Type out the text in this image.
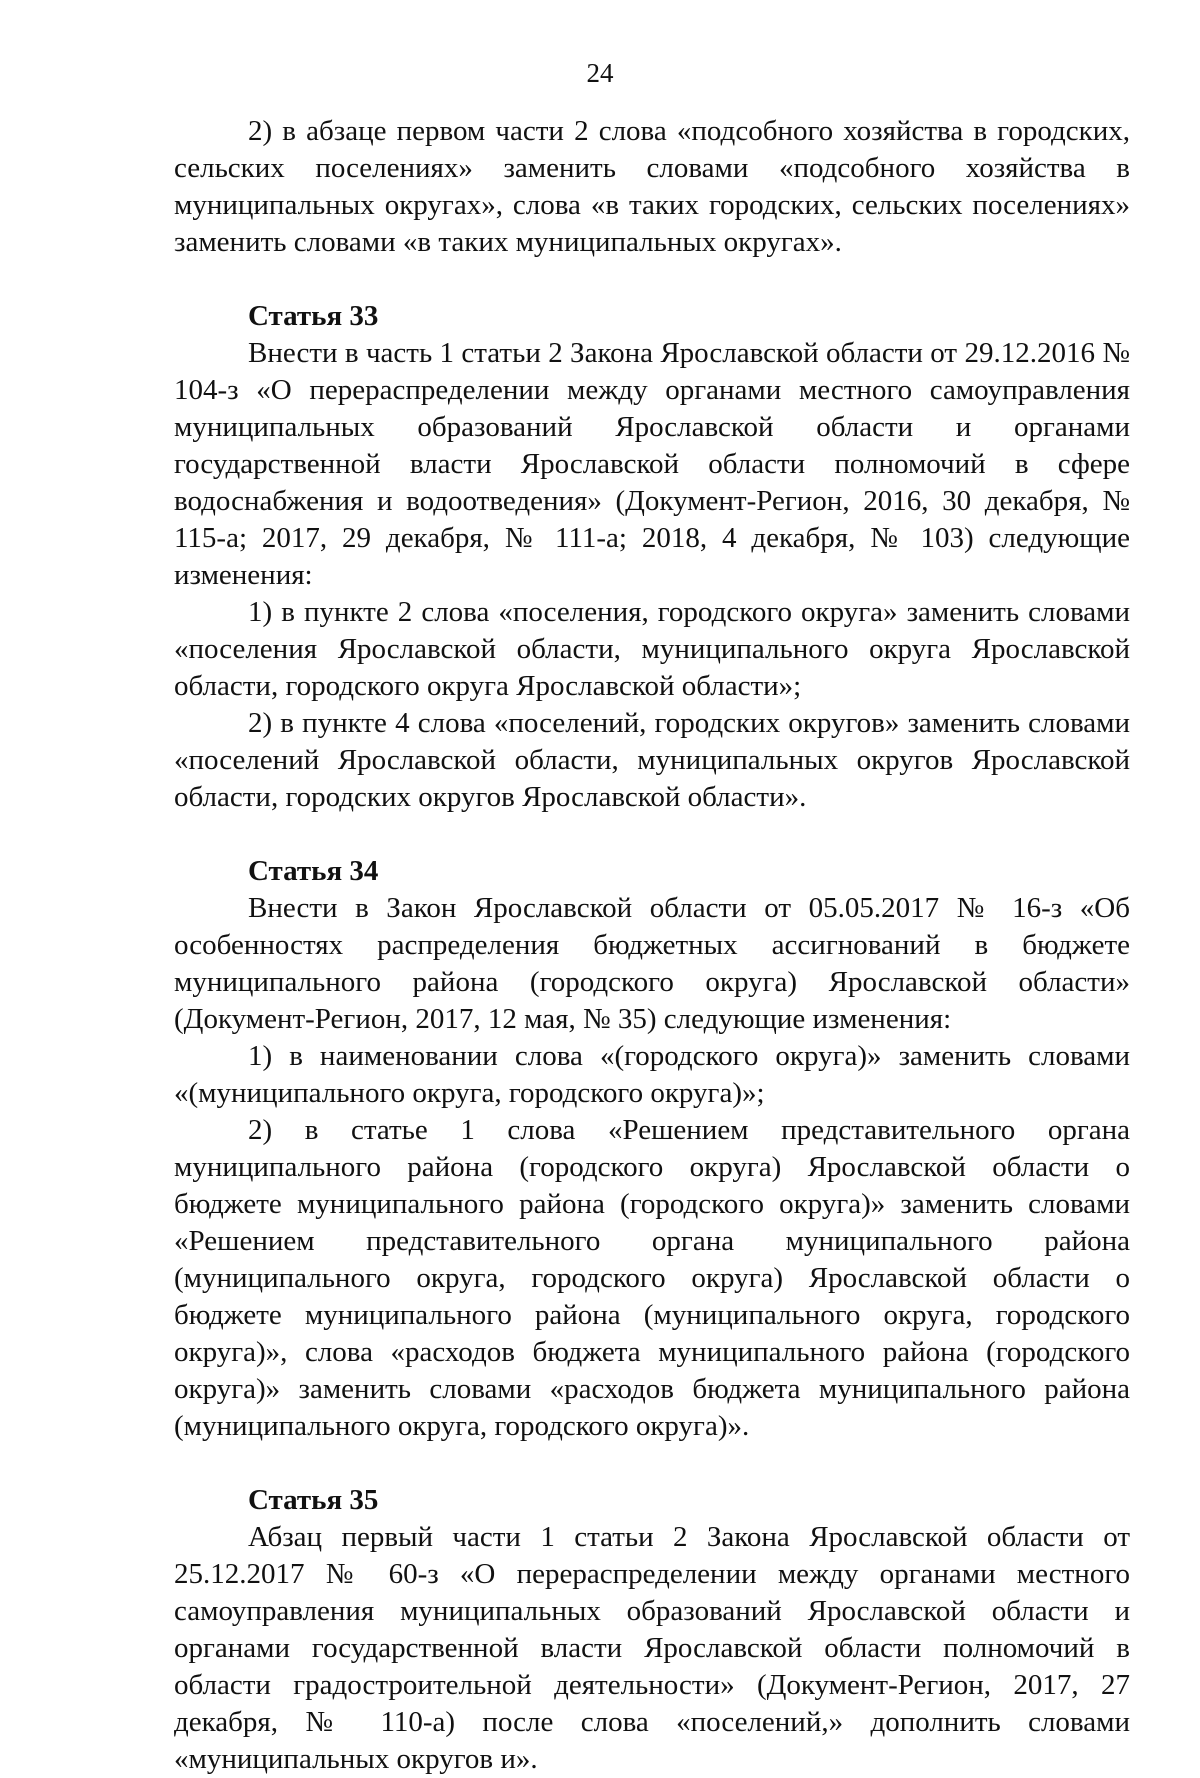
24

2) в абзаце первом части 2 слова «подсобного хозяйства в городских, сельских поселениях» заменить словами «подсобного хозяйства в муниципальных округах», слова «в таких городских, сельских поселениях» заменить словами «в таких муниципальных округах».

Статья 33

Внести в часть 1 статьи 2 Закона Ярославской области от 29.12.2016 № 104-з «О перераспределении между органами местного самоуправления муниципальных образований Ярославской области и органами государственной власти Ярославской области полномочий в сфере водоснабжения и водоотведения» (Документ-Регион, 2016, 30 декабря, № 115-а; 2017, 29 декабря, № 111-а; 2018, 4 декабря, № 103) следующие изменения:

1) в пункте 2 слова «поселения, городского округа» заменить словами «поселения Ярославской области, муниципального округа Ярославской области, городского округа Ярославской области»;

2) в пункте 4 слова «поселений, городских округов» заменить словами «поселений Ярославской области, муниципальных округов Ярославской области, городских округов Ярославской области».

Статья 34

Внести в Закон Ярославской области от 05.05.2017 № 16-з «Об особенностях распределения бюджетных ассигнований в бюджете муниципального района (городского округа) Ярославской области» (Документ-Регион, 2017, 12 мая, № 35) следующие изменения:

1) в наименовании слова «(городского округа)» заменить словами «(муниципального округа, городского округа)»;

2) в статье 1 слова «Решением представительного органа муниципального района (городского округа) Ярославской области о бюджете муниципального района (городского округа)» заменить словами «Решением представительного органа муниципального района (муниципального округа, городского округа) Ярославской области о бюджете муниципального района (муниципального округа, городского округа)», слова «расходов бюджета муниципального района (городского округа)» заменить словами «расходов бюджета муниципального района (муниципального округа, городского округа)».

Статья 35

Абзац первый части 1 статьи 2 Закона Ярославской области от 25.12.2017 № 60-з «О перераспределении между органами местного самоуправления муниципальных образований Ярославской области и органами государственной власти Ярославской области полномочий в области градостроительной деятельности» (Документ-Регион, 2017, 27 декабря, № 110-а) после слова «поселений,» дополнить словами «муниципальных округов и».
